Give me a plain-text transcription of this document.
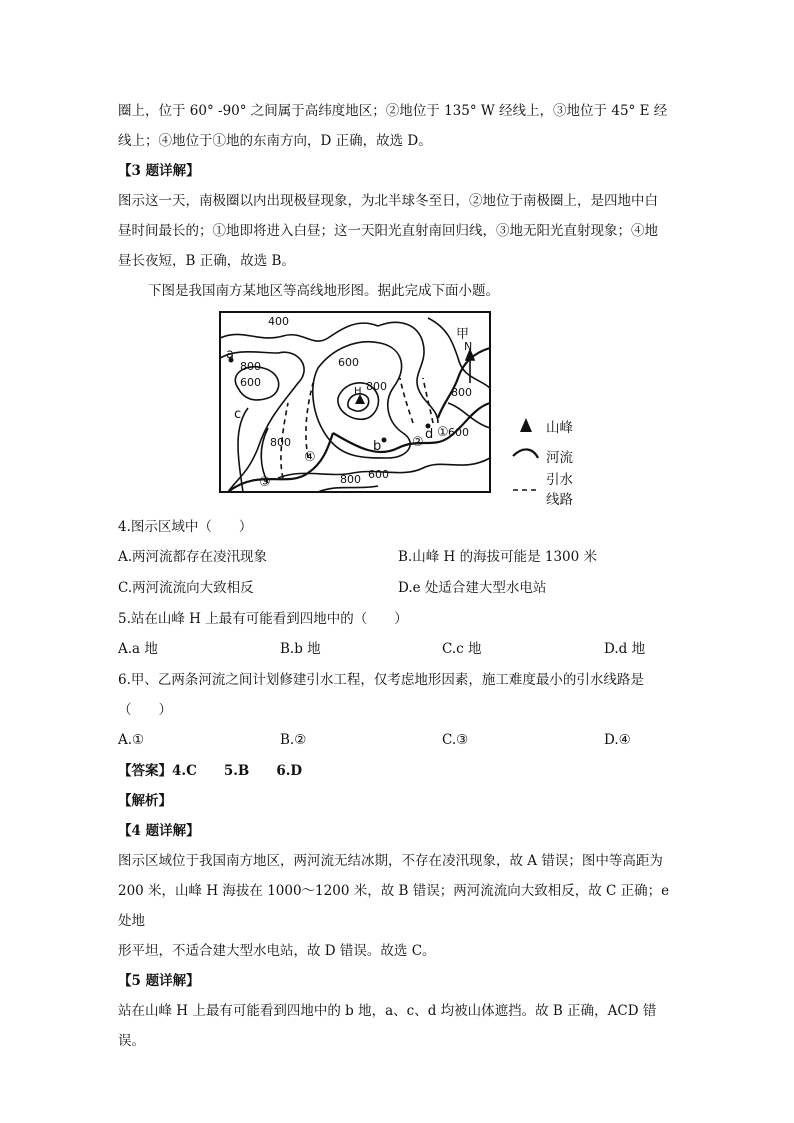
圈上，位于 60° -90° 之间属于高纬度地区；②地位于 135° W 经线上，③地位于 45° E 经

线上；④地位于①地的东南方向，D 正确，故选 D。

【3 题详解】

图示这一天，南极圈以内出现极昼现象，为北半球冬至日，②地位于南极圈上，是四地中白

昼时间最长的；①地即将进入白昼；这一天阳光直射南回归线，③地无阳光直射现象；④地

昼长夜短，B 正确，故选 B。

下图是我国南方某地区等高线地形图。据此完成下面小题。

400
800
600
600
800
800
600
800
800 600
a
c
b
d
H
甲
①
②
③
④
N
山峰
河流
引水
线路

4.图示区域中（　　）

A.两河流都存在凌汛现象	B.山峰 H 的海拔可能是 1300 米
C.两河流流向大致相反	D.e 处适合建大型水电站

5.站在山峰 H 上最有可能看到四地中的（　　）

A.a 地	B.b 地	C.c 地	D.d 地

6.甲、乙两条河流之间计划修建引水工程，仅考虑地形因素，施工难度最小的引水线路是

（　　）

A.①	B.②	C.③	D.④

【答案】4.C　　5.B　　6.D

【解析】

【4 题详解】

图示区域位于我国南方地区，两河流无结冰期，不存在凌汛现象，故 A 错误；图中等高距为

200 米，山峰 H 海拔在 1000～1200 米，故 B 错误；两河流流向大致相反，故 C 正确；e 处地

形平坦，不适合建大型水电站，故 D 错误。故选 C。

【5 题详解】

站在山峰 H 上最有可能看到四地中的 b 地，a、c、d 均被山体遮挡。故 B 正确，ACD 错误。
